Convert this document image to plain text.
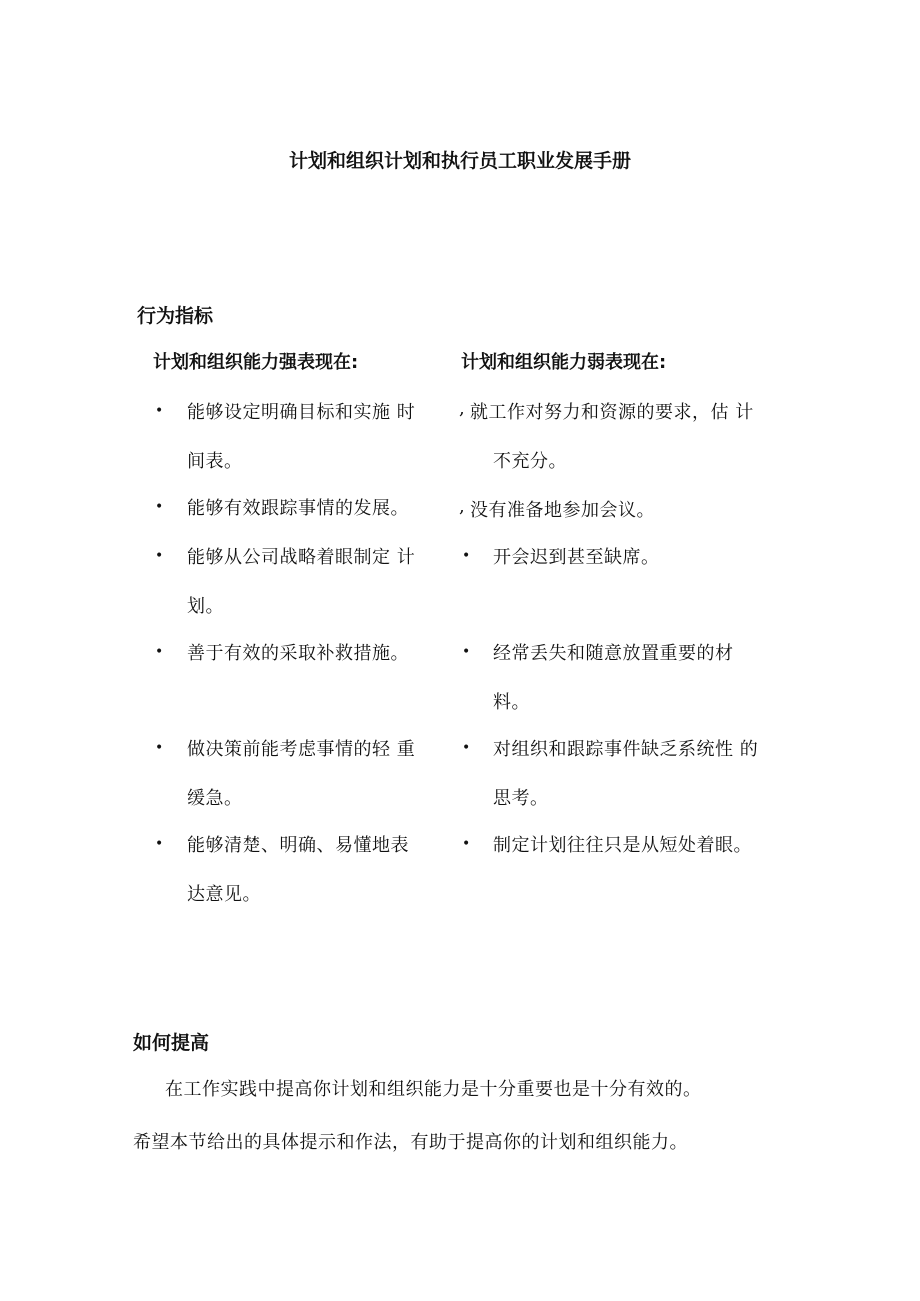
计划和组织计划和执行员工职业发展手册
行为指标
计划和组织能力强表现在:	计划和组织能力弱表现在:
• 能够设定明确目标和实施 时
间表。
• 能够有效跟踪事情的发展。
• 能够从公司战略着眼制定 计
划。
• 善于有效的采取补救措施。
• 做决策前能考虑事情的轻 重
缓急。
• 能够清楚、明确、易懂地表
达意见。
, 就工作对努力和资源的要求，估 计
不充分。
, 没有准备地参加会议。
• 开会迟到甚至缺席。
• 经常丢失和随意放置重要的材
料。
• 对组织和跟踪事件缺乏系统性 的
思考。
• 制定计划往往只是从短处着眼。
如何提高
在工作实践中提高你计划和组织能力是十分重要也是十分有效的。
希望本节给出的具体提示和作法，有助于提高你的计划和组织能力。
